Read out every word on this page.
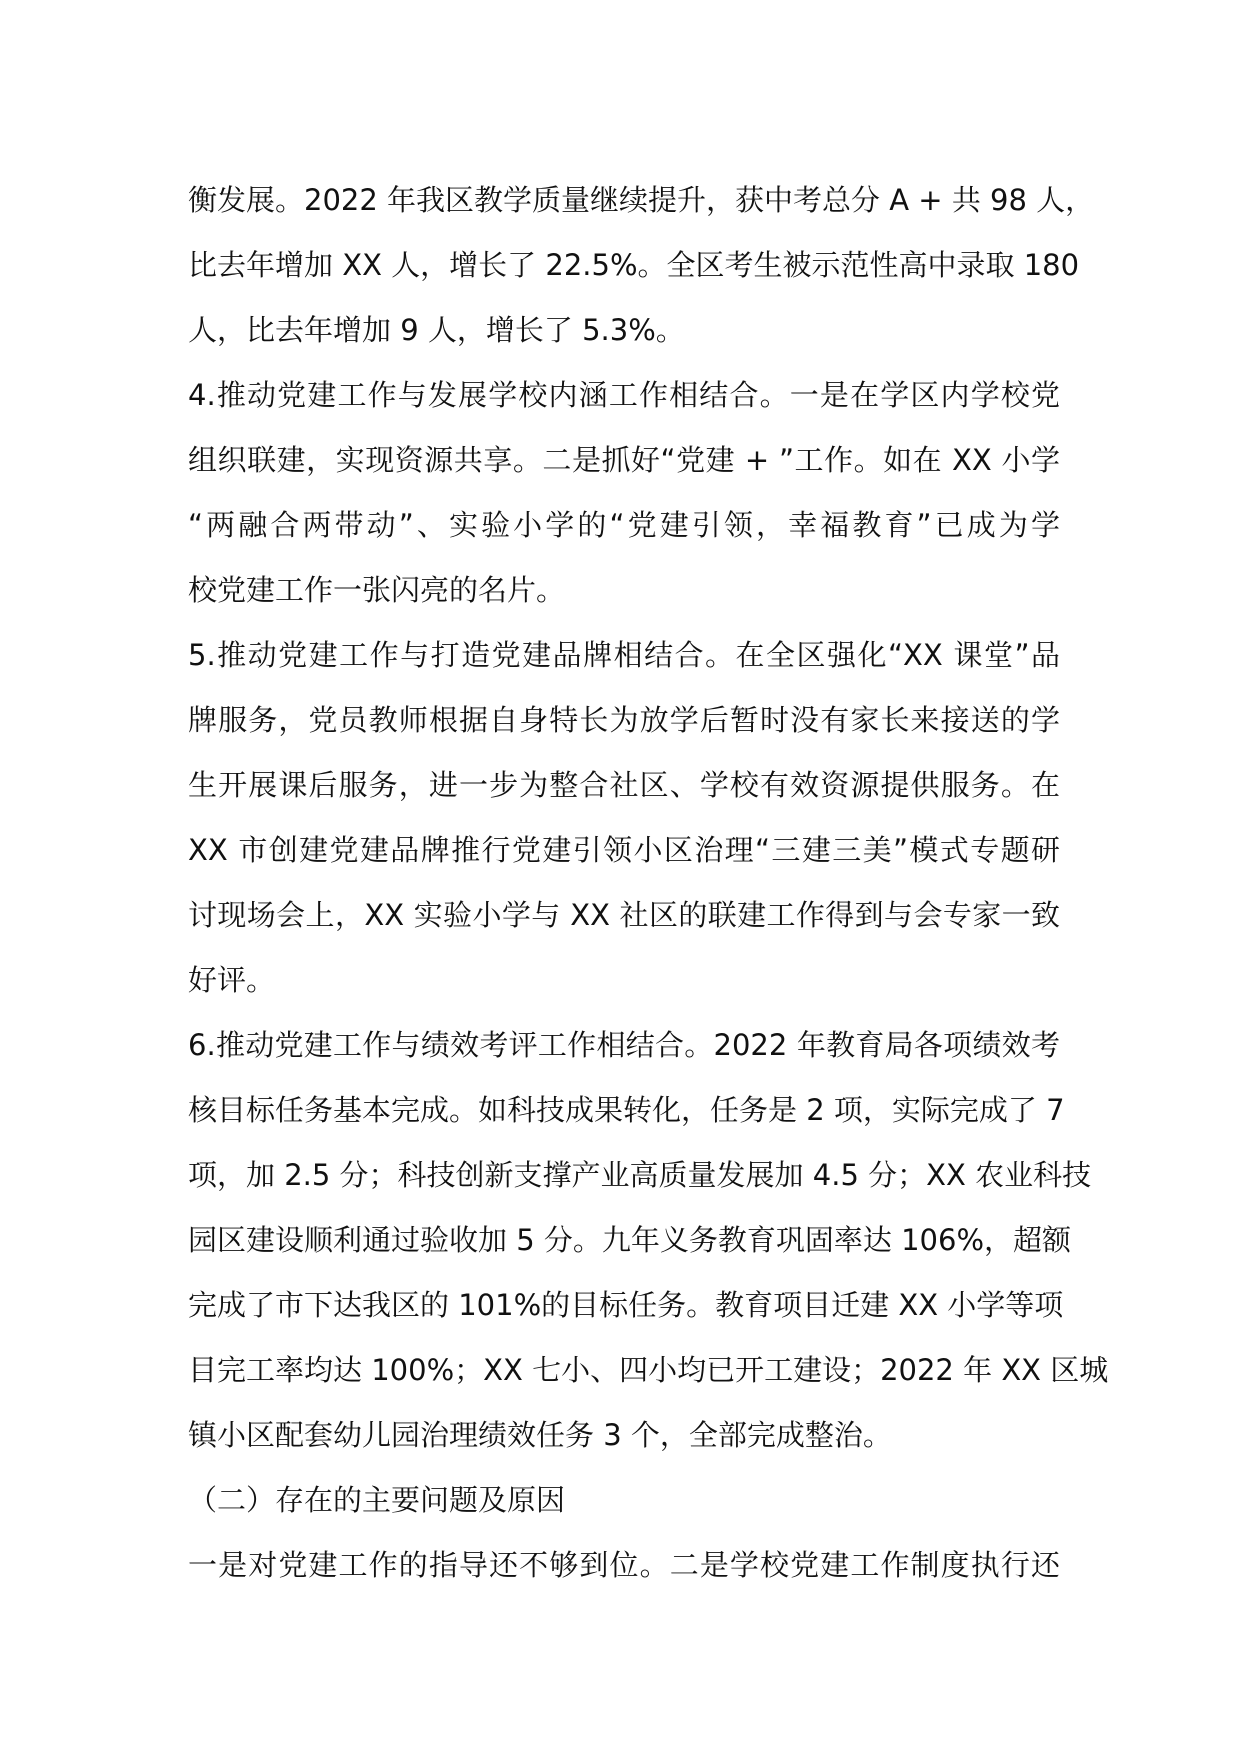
衡发展。2022 年我区教学质量继续提升，获中考总分 A + 共 98 人，
比去年增加 XX 人，增长了 22.5%。全区考生被示范性高中录取 180
人，比去年增加 9 人，增长了 5.3%。
4.推动党建工作与发展学校内涵工作相结合。一是在学区内学校党
组织联建，实现资源共享。二是抓好“党建 + ”工作。如在 XX 小学
“两融合两带动”、实验小学的“党建引领，幸福教育”已成为学
校党建工作一张闪亮的名片。
5.推动党建工作与打造党建品牌相结合。在全区强化“XX 课堂”品
牌服务，党员教师根据自身特长为放学后暂时没有家长来接送的学
生开展课后服务，进一步为整合社区、学校有效资源提供服务。在
XX 市创建党建品牌推行党建引领小区治理“三建三美”模式专题研
讨现场会上，XX 实验小学与 XX 社区的联建工作得到与会专家一致
好评。
6.推动党建工作与绩效考评工作相结合。2022 年教育局各项绩效考
核目标任务基本完成。如科技成果转化，任务是 2 项，实际完成了 7
项，加 2.5 分；科技创新支撑产业高质量发展加 4.5 分；XX 农业科技
园区建设顺利通过验收加 5 分。九年义务教育巩固率达 106%，超额
完成了市下达我区的 101%的目标任务。教育项目迁建 XX 小学等项
目完工率均达 100%；XX 七小、四小均已开工建设；2022 年 XX 区城
镇小区配套幼儿园治理绩效任务 3 个，全部完成整治。
（二）存在的主要问题及原因
一是对党建工作的指导还不够到位。二是学校党建工作制度执行还
